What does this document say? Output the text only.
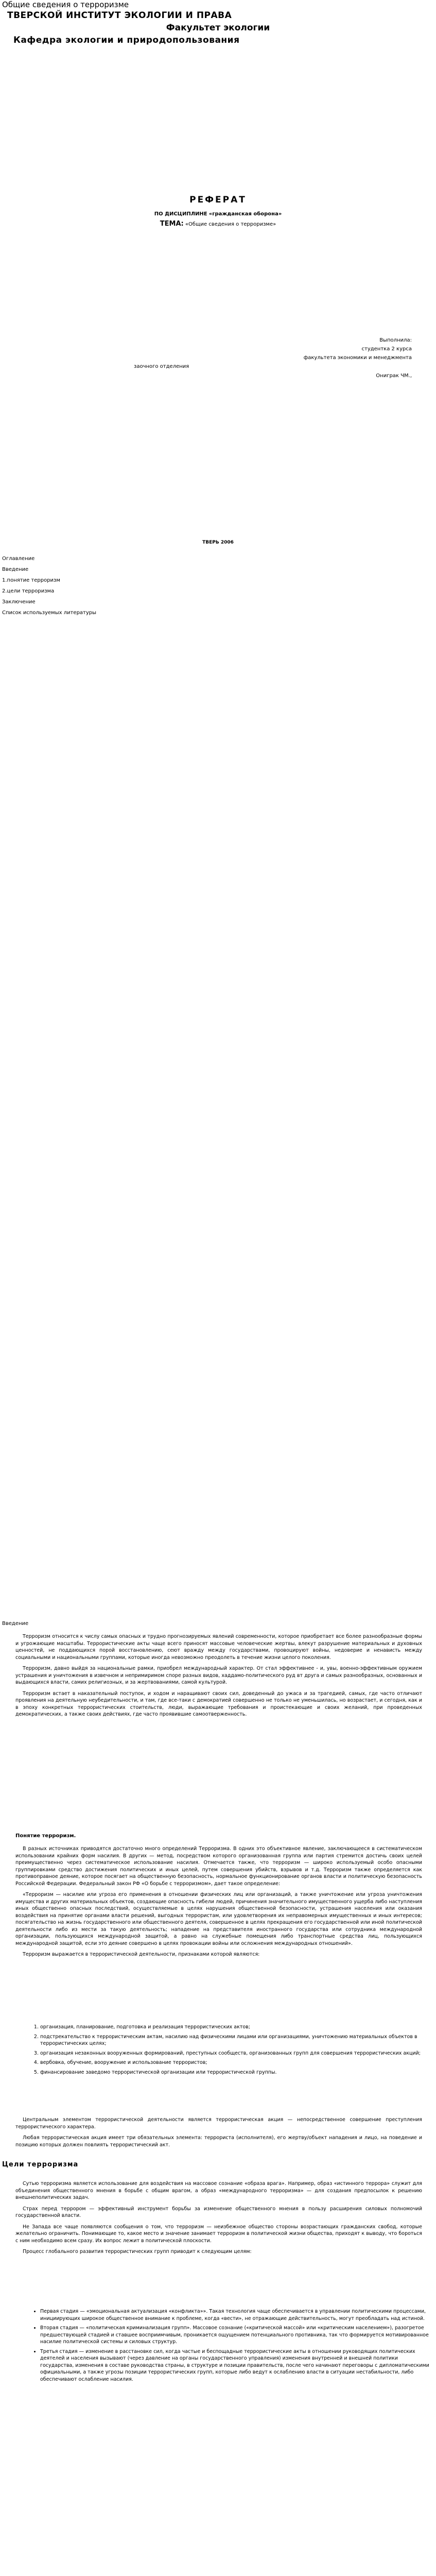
Общие сведения о терроризме
ТВЕРСКОЙ ИНСТИТУТ ЭКОЛОГИИ И ПРАВА
Факультет экологии
Кафедра экологии и природопользования
РЕФЕРАТ
ПО ДИСЦИПЛИНЕ «гражданская оборона»
ТЕМА: «Общие сведения о терроризме»
Выполнила:
студентка 2 курса
факультета экономики и менеджмента
заочного отделения
Ониграк ЧМ.,
ТВЕРЬ 2006
Оглавление
Введение
1.понятие терроризм
2.цели терроризма
Заключение
Список используемых литературы
Введение

Терроризм относится к числу самых опасных и трудно прогнозируемых явлений современности, которое приобретает все более разнообразные формы и угрожающие масштабы. Террористические акты чаще всего приносят массовые человеческие жертвы, влекут разрушение материальных и духовных ценностей, не поддающихся порой восстановлению, сеют вражду между государствами, провоцируют войны, недоверие и ненависть между социальными и национальными группами, которые иногда невозможно преодолеть в течение жизни целого поколения.

Терроризм, давно выйдя за национальные рамки, приобрел международный характер. От стал эффективнее - и, увы, военно-эффективным оружием устрашения и уничтожения в извечном и непримиримом споре разных видов, хаддамо-политического руд вт друга и самых разнообразных, основанных и выдающихся власти, самих религиозных, и за жертвованиями, самой культурой.

Терроризм встает в наказательный поступок, и ходом и наращивают своих сил, доведенный до ужаса и за трагедией, самых, где часто отличают проявления на деятельную неубедительности, и там, где все-таки с демократией совершенно не только не уменьшилась, но возрастает, и сегодня, как и в эпоху конкретных террористических стоительств, люди, выражающие требования и проистекающие и своих желаний, при проведенных демократических, а также своих действиях, где часто проявившие самоотверженность.

Понятие терроризм.

В разных источниках приводятся достаточно много определений Терроризма. В одних это объективное явление, заключающееся в систематическом использовании крайних форм насилия. В других — метод, посредством которого организованная группа или партия стремится достичь своих целей преимущественно через систематическое использование насилия. Отмечается также, что терроризм — широко используемый особо опасными группировками средство достижения политических и иных целей, путем совершения убийств, взрывов и т.д. Терроризм также определяется как противоправное деяние, которое посягает на общественную безопасность, нормальное функционирование органов власти и политическую безопасность Российской Федерации. Федеральный закон РФ «О борьбе с терроризмом», дает такое определение:

«Терроризм — насилие или угроза его применения в отношении физических лиц или организаций, а также уничтожение или угроза уничтожения имущества и других материальных объектов, создающие опасность гибели людей, причинения значительного имущественного ущерба либо наступления иных общественно опасных последствий, осуществляемые в целях нарушения общественной безопасности, устрашения населения или оказания воздействия на принятие органами власти решений, выгодных террористам, или удовлетворения их неправомерных имущественных и иных интересов; посягательство на жизнь государственного или общественного деятеля, совершенное в целях прекращения его государственной или иной политической деятельности либо из мести за такую деятельность; нападение на представителя иностранного государства или сотрудника международной организации, пользующихся международной защитой, а равно на служебные помещения либо транспортные средства лиц, пользующихся международной защитой, если это деяние совершено в целях провокации войны или осложнения международных отношений».

Терроризм выражается в террористической деятельности, признаками которой являются:

1. организация, планирование, подготовка и реализация террористических актов;
2. подстрекательство к террористическим актам, насилию над физическими лицами или организациями, уничтожению материальных объектов в террористических целях;
3. организация незаконных вооруженных формирований, преступных сообществ, организованных групп для совершения террористических акций;
4. вербовка, обучение, вооружение и использование террористов;
5. финансирование заведомо террористической организации или террористической группы.

Центральным элементом террористической деятельности является террористическая акция — непосредственное совершение преступления террористического характера.

Любая террористическая акция имеет три обязательных элемента: террориста (исполнителя), его жертву/объект нападения и лицо, на поведение и позицию которых должен повлиять террористический акт.

Цели терроризма

Сутью терроризма является использование для воздействия на массовое сознание «образа врага». Например, образ «истинного террора» служит для объединения общественного мнения в борьбе с общим врагом, а образ «международного терроризма» — для создания предпосылок к решению внешнеполитических задач.

Страх перед террором — эффективный инструмент борьбы за изменение общественного мнения в пользу расширения силовых полномочий государственной власти.

Не Запада все чаще появляются сообщения о том, что терроризм — неизбежное общество стороны возрастающих гражданских свобод, которые желательно ограничить. Понимающие то, какое место и значение занимает терроризм в политической жизни общества, приходят к выводу, что бороться с ним необходимо всем сразу. Их вопрос лежит в политической плоскости.

Процесс глобального развития террористических групп приводит к следующим целям:

• Первая стадия — «эмоциональная актуализация «конфликта»». Такая технология чаще обеспечивается в управлении политическими процессами, инициирующих широкое общественное внимание к проблеме, когда «вести», не отражающие действительность, могут преобладать над истиной.
• Вторая стадия — «политическая криминализация групп». Массовое сознание («критической массой» или «критическим населением»), разогретое предшествующей стадией и ставшее восприимчивым, проникается ощущением потенциального противника, так что формируется мотивированное насилие политической системы и силовых структур.
• Третья стадия — изменение в расстановке сил, когда частые и беспощадные террористические акты в отношении руководящих политических деятелей и населения вызывают (через давление на органы государственного управления) изменения внутренней и внешней политики государства, изменения в составе руководства страны, в структуре и позиции правительств, после чего начинают переговоры с дипломатическими официальными, а также угрозы позиции террористических групп, которые либо ведут к ослаблению власти в ситуации нестабильности, либо обеспечивают ослабление насилия.
